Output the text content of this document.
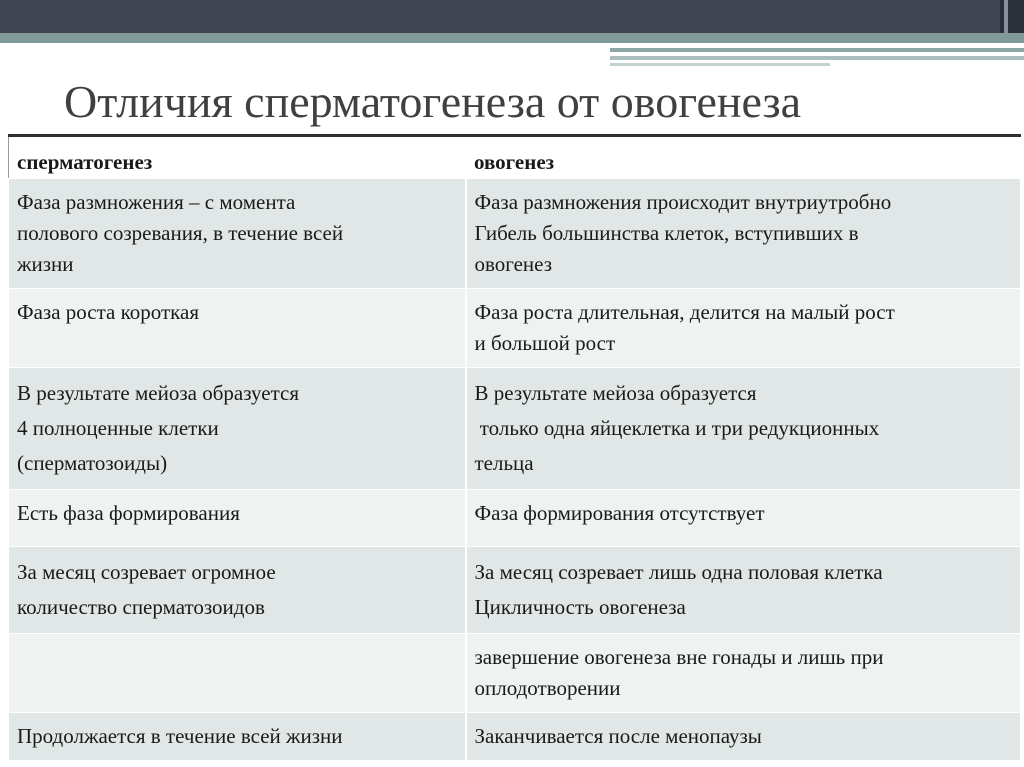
Отличия сперматогенеза от овогенеза
сперматогенез	овогенез

Фаза размножения – с момента
полового созревания, в течение всей
жизни	Фаза размножения происходит внутриутробно
Гибель большинства клеток, вступивших в
овогенез

Фаза роста короткая	Фаза роста длительная, делится на малый рост
и большой рост

В результате мейоза образуется
4 полноценные клетки
(сперматозоиды)	В результате мейоза образуется
только одна яйцеклетка и три редукционных
тельца

Есть фаза формирования	Фаза формирования отсутствует

За месяц созревает огромное
количество сперматозоидов	За месяц созревает лишь одна половая клетка
Цикличность овогенеза

	завершение овогенеза вне гонады и лишь при
оплодотворении

Продолжается в течение всей жизни	Заканчивается после менопаузы
